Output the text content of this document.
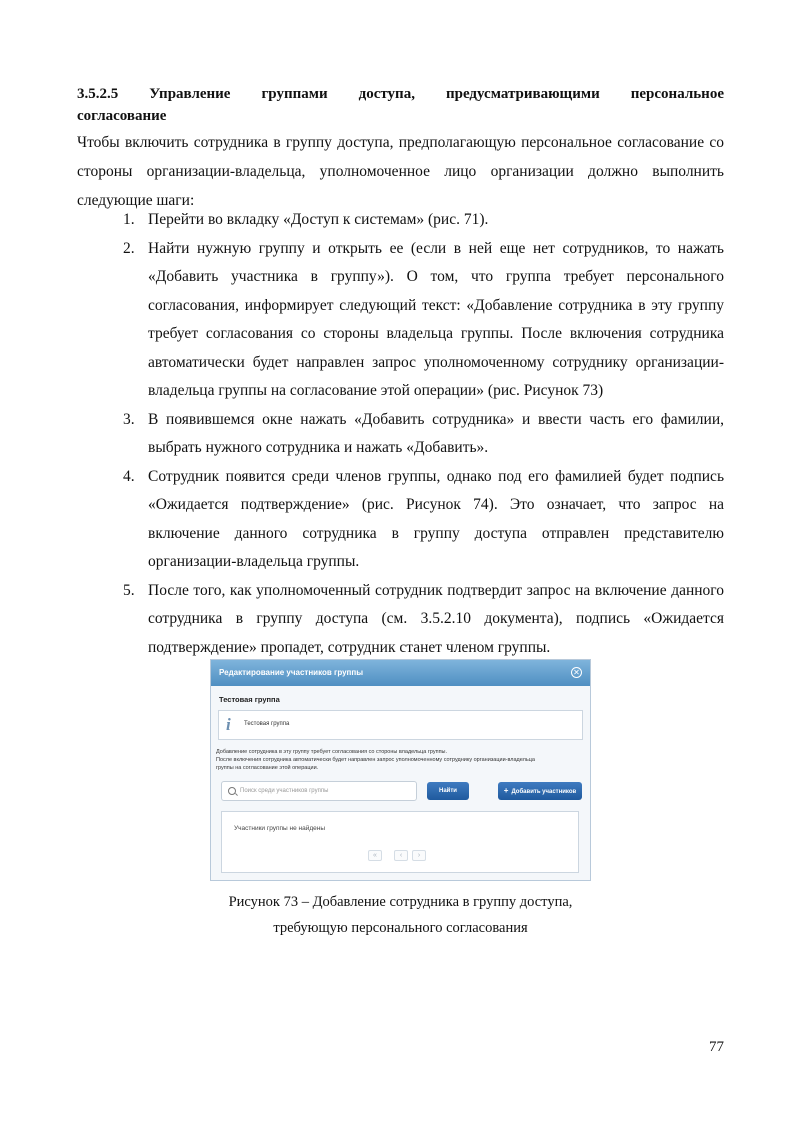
3.5.2.5 Управление группами доступа, предусматривающими персональное
согласование
Чтобы включить сотрудника в группу доступа, предполагающую персональное согласование со стороны организации-владельца, уполномоченное лицо организации должно выполнить следующие шаги:
1. Перейти во вкладку «Доступ к системам» (рис. 71).
2. Найти нужную группу и открыть ее (если в ней еще нет сотрудников, то нажать «Добавить участника в группу»). О том, что группа требует персонального согласования, информирует следующий текст: «Добавление сотрудника в эту группу требует согласования со стороны владельца группы. После включения сотрудника автоматически будет направлен запрос уполномоченному сотруднику организации-владельца группы на согласование этой операции» (рис. Рисунок 73)
3. В появившемся окне нажать «Добавить сотрудника» и ввести часть его фамилии, выбрать нужного сотрудника и нажать «Добавить».
4. Сотрудник появится среди членов группы, однако под его фамилией будет подпись «Ожидается подтверждение» (рис. Рисунок 74). Это означает, что запрос на включение данного сотрудника в группу доступа отправлен представителю организации-владельца группы.
5. После того, как уполномоченный сотрудник подтвердит запрос на включение данного сотрудника в группу доступа (см. 3.5.2.10 документа), подпись «Ожидается подтверждение» пропадет, сотрудник станет членом группы.
Редактирование участников группы	✕
Тестовая группа
i Тестовая группа
Добавление сотрудника в эту группу требует согласования со стороны владельца группы.
После включения сотрудника автоматически будет направлен запрос уполномоченному сотруднику организации-владельца
группы на согласование этой операции.
Поиск среди участников группы	Найти	+ Добавить участников
Участники группы не найдены
«	‹	›
Рисунок 73 – Добавление сотрудника в группу доступа,
требующую персонального согласования
77
